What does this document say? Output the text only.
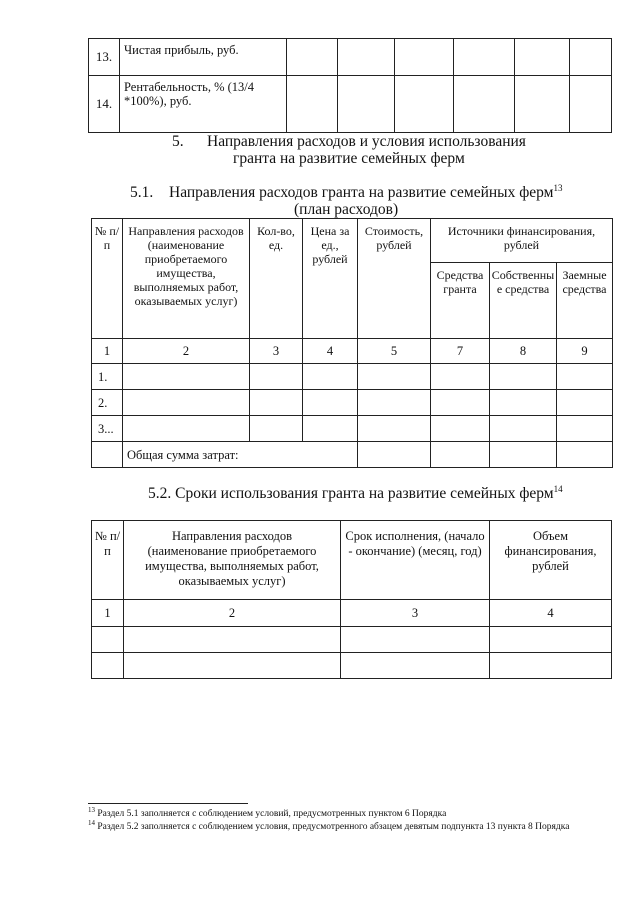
13.	Чистая прибыль, руб.						
14.	Рентабельность, % (13/4 *100%), руб.						
5. Направления расходов и условия использования
гранта на развитие семейных ферм
5.1. Направления расходов гранта на развитие семейных ферм$^{13}$
(план расходов)
№ п/п	Направления расходов (наименование приобретаемого имущества, выполняемых работ, оказываемых услуг)	Кол-во, ед.	Цена за ед., рублей	Стоимость, рублей	Источники финансирования, рублей		
					Средства гранта	Собственные средства	Заемные средства
1	2	3	4	5	7	8	9
1.							
2.							
3...							
	Общая сумма затрат:						
5.2. Сроки использования гранта на развитие семейных ферм$^{14}$
№ п/п	Направления расходов (наименование приобретаемого имущества, выполняемых работ, оказываемых услуг)	Срок исполнения, (начало - окончание) (месяц, год)	Объем финансирования, рублей
1	2	3	4

$^{13}$ Раздел 5.1 заполняется с соблюдением условий, предусмотренных пунктом 6 Порядка
$^{14}$ Раздел 5.2 заполняется с соблюдением условия, предусмотренного абзацем девятым подпункта 13 пункта 8 Порядка
